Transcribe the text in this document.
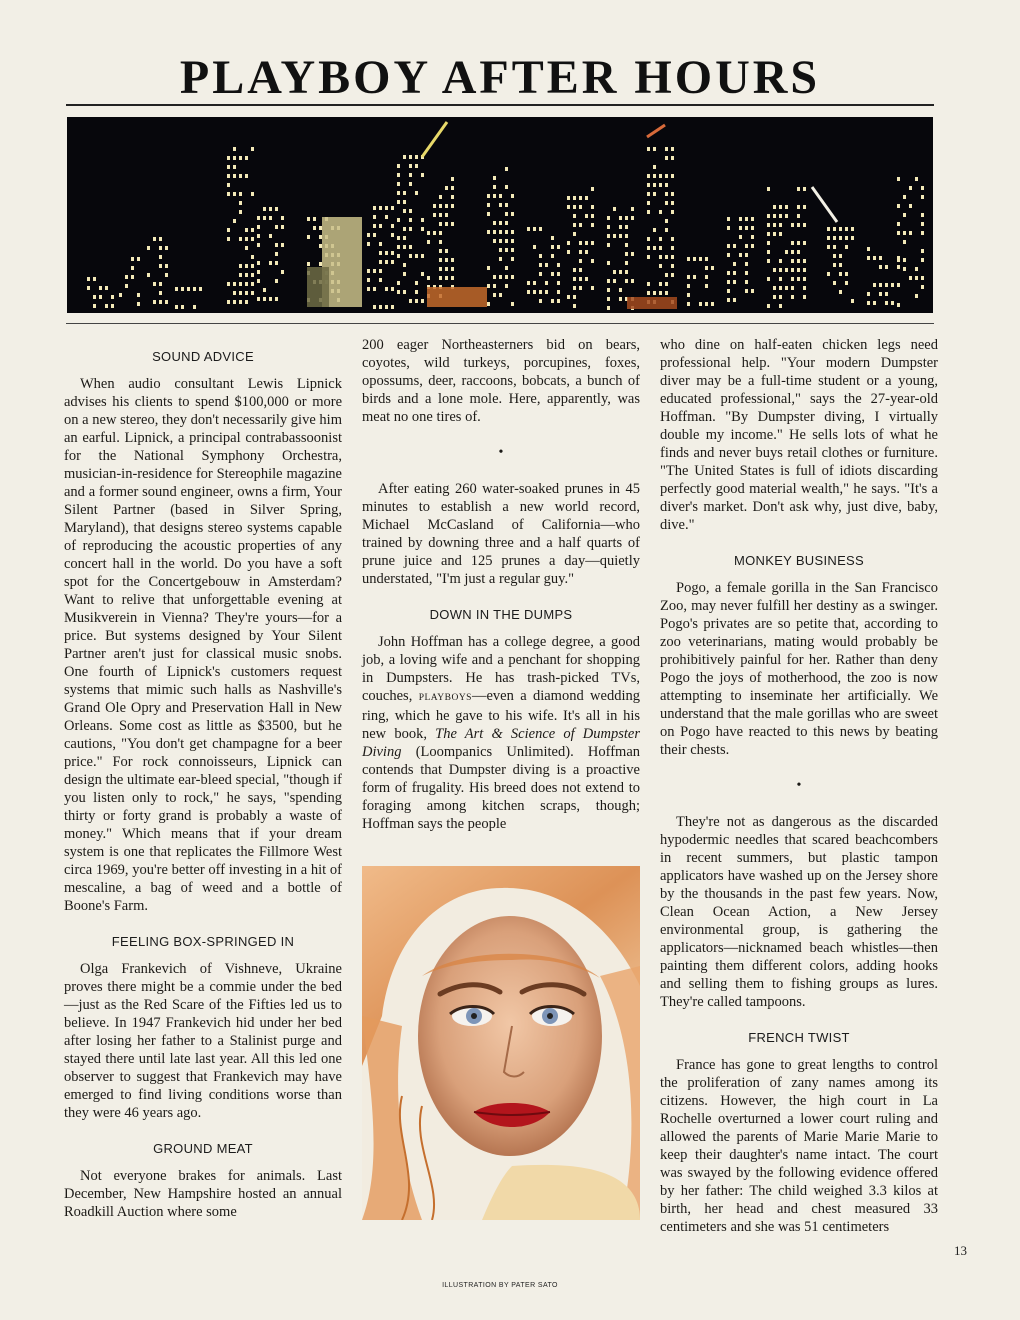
PLAYBOY AFTER HOURS
SOUND ADVICE

When audio consultant Lewis Lipnick advises his clients to spend $100,000 or more on a new stereo, they don't necessarily give him an earful. Lipnick, a principal contrabassoonist for the National Symphony Orchestra, musician-in-residence for Stereophile magazine and a former sound engineer, owns a firm, Your Silent Partner (based in Silver Spring, Maryland), that designs stereo systems capable of reproducing the acoustic properties of any concert hall in the world. Do you have a soft spot for the Concertgebouw in Amsterdam? Want to relive that unforgettable evening at Musikverein in Vienna? They're yours—for a price. But systems designed by Your Silent Partner aren't just for classical music snobs. One fourth of Lipnick's customers request systems that mimic such halls as Nashville's Grand Ole Opry and Preservation Hall in New Orleans. Some cost as little as $3500, but he cautions, "You don't get champagne for a beer price." For rock connoisseurs, Lipnick can design the ultimate ear-bleed special, "though if you listen only to rock," he says, "spending thirty or forty grand is probably a waste of money." Which means that if your dream system is one that replicates the Fillmore West circa 1969, you're better off investing in a hit of mescaline, a bag of weed and a bottle of Boone's Farm.

FEELING BOX-SPRINGED IN

Olga Frankevich of Vishneve, Ukraine proves there might be a commie under the bed—just as the Red Scare of the Fifties led us to believe. In 1947 Frankevich hid under her bed after losing her father to a Stalinist purge and stayed there until late last year. All this led one observer to suggest that Frankevich may have emerged to find living conditions worse than they were 46 years ago.

GROUND MEAT

Not everyone brakes for animals. Last December, New Hampshire hosted an annual Roadkill Auction where some

200 eager Northeasterners bid on bears, coyotes, wild turkeys, porcupines, foxes, opossums, deer, raccoons, bobcats, a bunch of birds and a lone mole. Here, apparently, was meat no one tires of.

•

After eating 260 water-soaked prunes in 45 minutes to establish a new world record, Michael McCasland of California—who trained by downing three and a half quarts of prune juice and 125 prunes a day—quietly understated, "I'm just a regular guy."

DOWN IN THE DUMPS

John Hoffman has a college degree, a good job, a loving wife and a penchant for shopping in Dumpsters. He has trash-picked TVs, couches, PLAYBOYS—even a diamond wedding ring, which he gave to his wife. It's all in his new book, The Art & Science of Dumpster Diving (Loompanics Unlimited). Hoffman contends that Dumpster diving is a proactive form of frugality. His breed does not extend to foraging among kitchen scraps, though; Hoffman says the people

who dine on half-eaten chicken legs need professional help. "Your modern Dumpster diver may be a full-time student or a young, educated professional," says the 27-year-old Hoffman. "By Dumpster diving, I virtually double my income." He sells lots of what he finds and never buys retail clothes or furniture. "The United States is full of idiots discarding perfectly good material wealth," he says. "It's a diver's market. Don't ask why, just dive, baby, dive."

MONKEY BUSINESS

Pogo, a female gorilla in the San Francisco Zoo, may never fulfill her destiny as a swinger. Pogo's privates are so petite that, according to zoo veterinarians, mating would probably be prohibitively painful for her. Rather than deny Pogo the joys of motherhood, the zoo is now attempting to inseminate her artificially. We understand that the male gorillas who are sweet on Pogo have reacted to this news by beating their chests.

•

They're not as dangerous as the discarded hypodermic needles that scared beachcombers in recent summers, but plastic tampon applicators have washed up on the Jersey shore by the thousands in the past few years. Now, Clean Ocean Action, a New Jersey environmental group, is gathering the applicators—nicknamed beach whistles—then painting them different colors, adding hooks and selling them to fishing groups as lures. They're called tampoons.

FRENCH TWIST

France has gone to great lengths to control the proliferation of zany names among its citizens. However, the high court in La Rochelle overturned a lower court ruling and allowed the parents of Marie Marie Marie to keep their daughter's name intact. The court was swayed by the following evidence offered by her father: The child weighed 3.3 kilos at birth, her head and chest measured 33 centimeters and she was 51 centimeters

ILLUSTRATION BY PATER SATO
13
